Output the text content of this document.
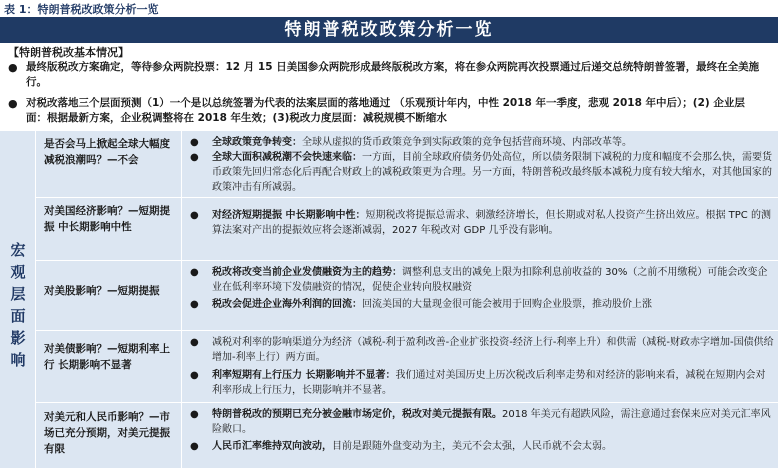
表 1：特朗普税改政策分析一览
特朗普税改政策分析一览
【特朗普税改基本情况】
● 最终版税改方案确定，等待参众两院投票：12 月 15 日美国参众两院形成最终版税改方案，将在参众两院再次投票通过后递交总统特朗普签署，最终在全美施行。
● 对税改落地三个层面预测（1）一个是以总统签署为代表的法案层面的落地通过 （乐观预计年内，中性 2018 年一季度，悲观 2018 年中后）；(2) 企业层面：根据最新方案，企业税调整将在 2018 年生效；(3)税改力度层面：减税规模不断缩水
宏观层面影响
是否会马上掀起全球大幅度减税浪潮吗？—不会
● 全球政策竞争转变：全球从虚拟的货币政策竞争到实际政策的竞争包括营商环境、内部改革等。
● 全球大面积减税潮不会快速来临：一方面，目前全球政府债务仍处高位，所以债务限制下减税的力度和幅度不会那么快，需要货币政策先回归常态化后再配合财政上的减税政策更为合理。另一方面，特朗普税改最终版本减税力度有较大缩水，对其他国家的政策冲击有所减弱。
对美国经济影响？—短期提振 中长期影响中性
● 对经济短期提振 中长期影响中性：短期税改将提振总需求、刺激经济增长，但长期或对私人投资产生挤出效应。根据 TPC 的测算法案对产出的提振效应将会逐渐减弱，2027 年税改对 GDP 几乎没有影响。
对美股影响？—短期提振
● 税改将改变当前企业发债融资为主的趋势：调整利息支出的减免上限为扣除利息前收益的 30%（之前不用缴税）可能会改变企业在低利率环境下发债融资的情况，促使企业转向股权融资
● 税改会促进企业海外利润的回流：回流美国的大量现金很可能会被用于回购企业股票，推动股价上涨
对美债影响？—短期利率上行 长期影响不显著
● 减税对利率的影响渠道分为经济（减税-利于盈利改善-企业扩张投资-经济上行-利率上升）和供需（减税-财政赤字增加-国债供给增加-利率上行）两方面。
● 利率短期有上行压力 长期影响并不显著：我们通过对美国历史上历次税改后利率走势和对经济的影响来看，减税在短期内会对利率形成上行压力，长期影响并不显著。
对美元和人民币影响？—市场已充分预期，对美元提振有限
● 特朗普税改的预期已充分被金融市场定价，税改对美元提振有限。2018 年美元有超跌风险，需注意通过套保来应对美元汇率风险敞口。
● 人民币汇率维持双向波动，目前是跟随外盘变动为主，美元不会太强，人民币就不会太弱。
